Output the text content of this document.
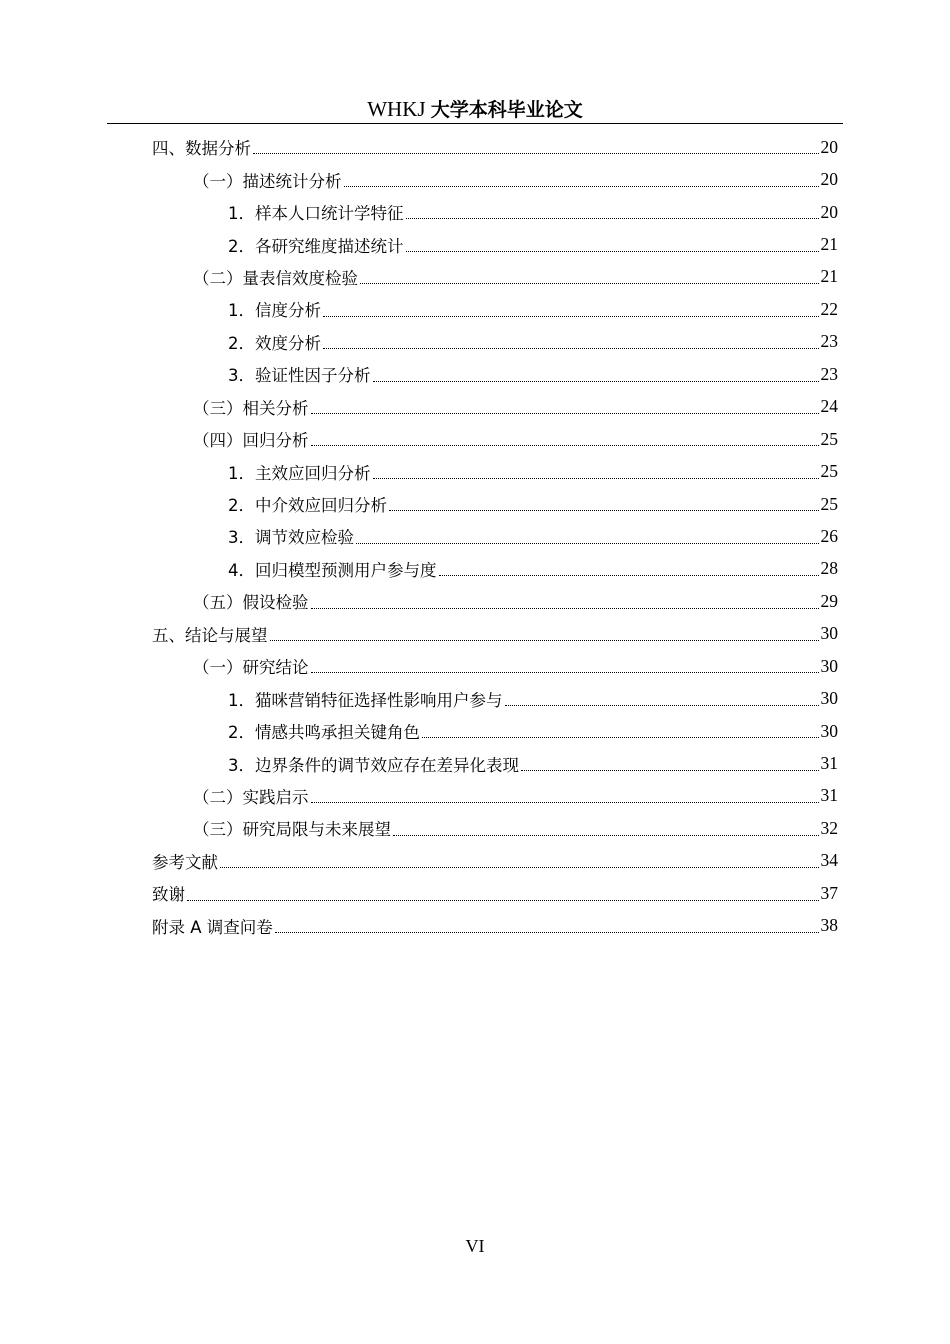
WHKJ 大学本科毕业论文
四、数据分析	20
（一）描述统计分析	20
1．样本人口统计学特征	20
2．各研究维度描述统计	21
（二）量表信效度检验	21
1．信度分析	22
2．效度分析	23
3．验证性因子分析	23
（三）相关分析	24
（四）回归分析	25
1．主效应回归分析	25
2．中介效应回归分析	25
3．调节效应检验	26
4．回归模型预测用户参与度	28
（五）假设检验	29
五、结论与展望	30
（一）研究结论	30
1．猫咪营销特征选择性影响用户参与	30
2．情感共鸣承担关键角色	30
3．边界条件的调节效应存在差异化表现	31
（二）实践启示	31
（三）研究局限与未来展望	32
参考文献	34
致谢	37
附录 A 调查问卷	38
VI
